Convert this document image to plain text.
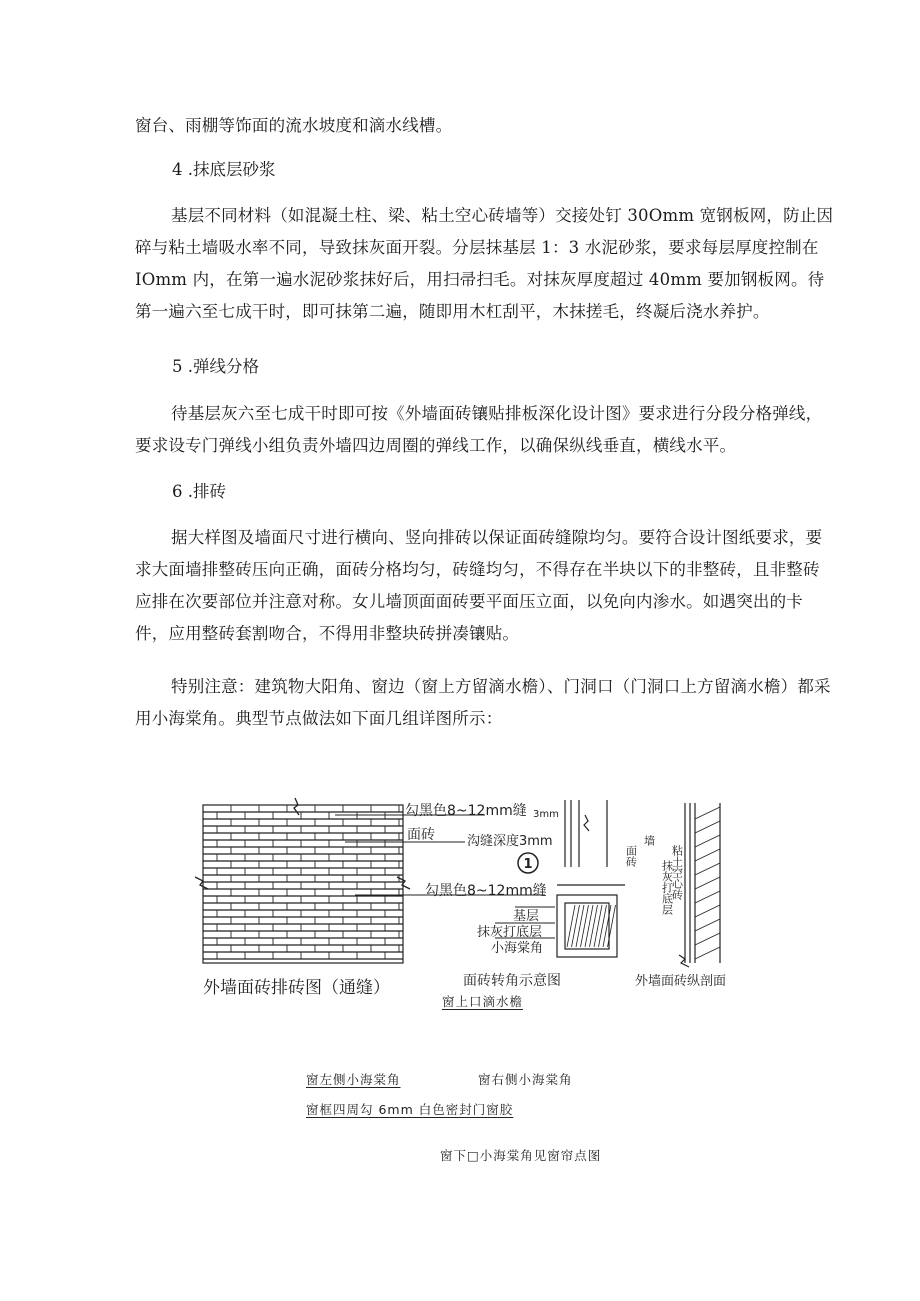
窗台、雨棚等饰面的流水坡度和滴水线槽。

4 .抹底层砂浆

基层不同材料（如混凝土柱、梁、粘土空心砖墙等）交接处钉 30Omm 宽钢板网，防止因碎与粘土墙吸水率不同，导致抹灰面开裂。分层抹基层 1：3 水泥砂浆，要求每层厚度控制在 IOmm 内，在第一遍水泥砂浆抹好后，用扫帚扫毛。对抹灰厚度超过 40mm 要加钢板网。待第一遍六至七成干时，即可抹第二遍，随即用木杠刮平，木抹搓毛，终凝后浇水养护。

5 .弹线分格

待基层灰六至七成干时即可按《外墙面砖镶贴排板深化设计图》要求进行分段分格弹线，要求设专门弹线小组负责外墙四边周圈的弹线工作，以确保纵线垂直，横线水平。

6 .排砖

据大样图及墙面尺寸进行横向、竖向排砖以保证面砖缝隙均匀。要符合设计图纸要求，要求大面墙排整砖压向正确，面砖分格均匀，砖缝均匀，不得存在半块以下的非整砖，且非整砖应排在次要部位并注意对称。女儿墙顶面面砖要平面压立面，以免向内渗水。如遇突出的卡件，应用整砖套割吻合，不得用非整块砖拼凑镶贴。

特别注意：建筑物大阳角、窗边（窗上方留滴水檐）、门洞口（门洞口上方留滴水檐）都采用小海棠角。典型节点做法如下面几组详图所示：

1
勾黑色8~12mm缝
面砖
3mm
沟缝深度3mm
勾黑色8~12mm缝
基层
抹灰打底层
小海棠角
外墙面砖排砖图（通缝）	面砖转角示意图	外墙面砖纵剖面
面砖
墙
抹灰打底层
粘土空心砖
窗上口滴水檐
窗左侧小海棠角	窗右侧小海棠角
窗框四周勾 6mm 白色密封门窗胶
窗下□小海棠角见窗帘点图
